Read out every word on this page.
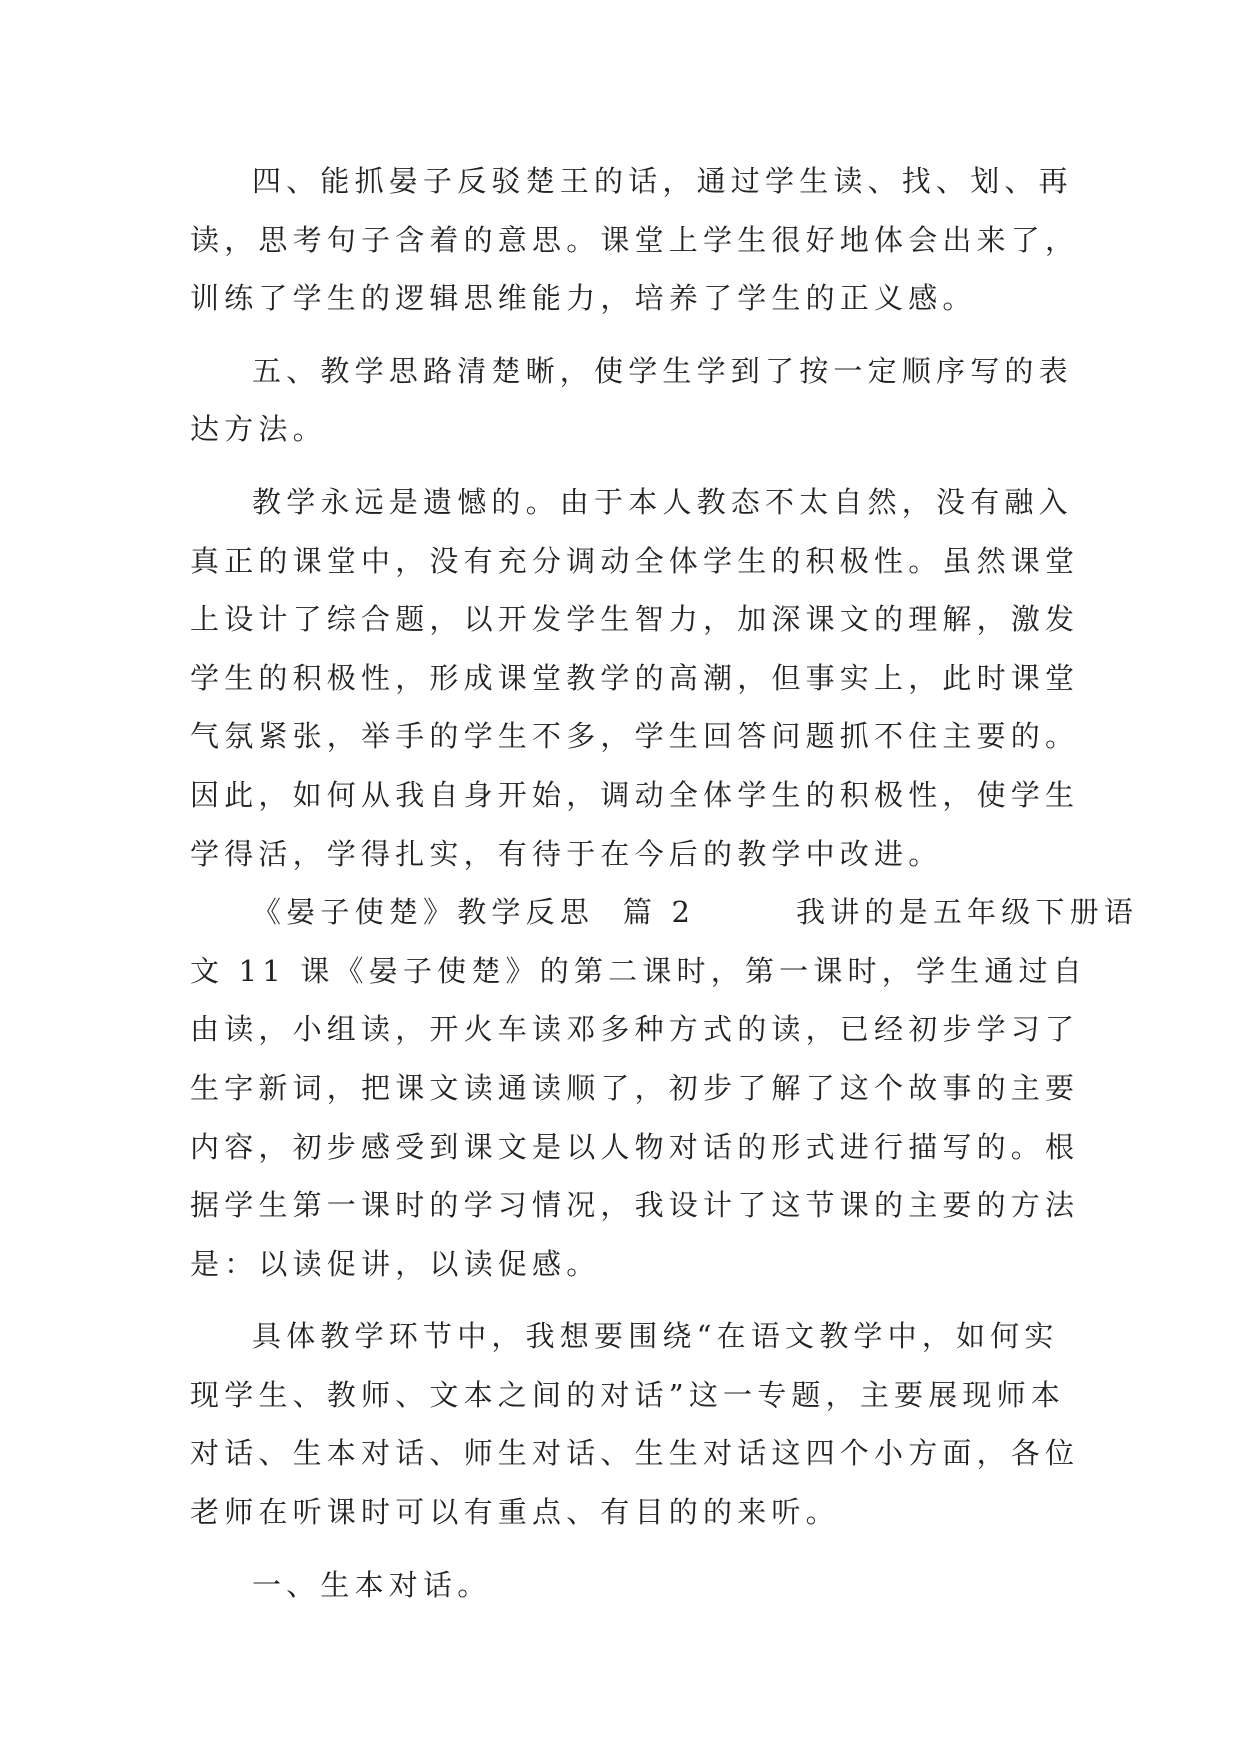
四、能抓晏子反驳楚王的话，通过学生读、找、划、再
读，思考句子含着的意思。课堂上学生很好地体会出来了，
训练了学生的逻辑思维能力，培养了学生的正义感。
五、教学思路清楚晰，使学生学到了按一定顺序写的表
达方法。
教学永远是遗憾的。由于本人教态不太自然，没有融入
真正的课堂中，没有充分调动全体学生的积极性。虽然课堂
上设计了综合题，以开发学生智力，加深课文的理解，激发
学生的积极性，形成课堂教学的高潮，但事实上，此时课堂
气氛紧张，举手的学生不多，学生回答问题抓不住主要的。
因此，如何从我自身开始，调动全体学生的积极性，使学生
学得活，学得扎实，有待于在今后的教学中改进。
《晏子使楚》教学反思  篇 2       我讲的是五年级下册语
文 11 课《晏子使楚》的第二课时，第一课时，学生通过自
由读，小组读，开火车读邓多种方式的读，已经初步学习了
生字新词，把课文读通读顺了，初步了解了这个故事的主要
内容，初步感受到课文是以人物对话的形式进行描写的。根
据学生第一课时的学习情况，我设计了这节课的主要的方法
是：以读促讲，以读促感。
具体教学环节中，我想要围绕“在语文教学中，如何实
现学生、教师、文本之间的对话”这一专题，主要展现师本
对话、生本对话、师生对话、生生对话这四个小方面，各位
老师在听课时可以有重点、有目的的来听。
一、生本对话。
